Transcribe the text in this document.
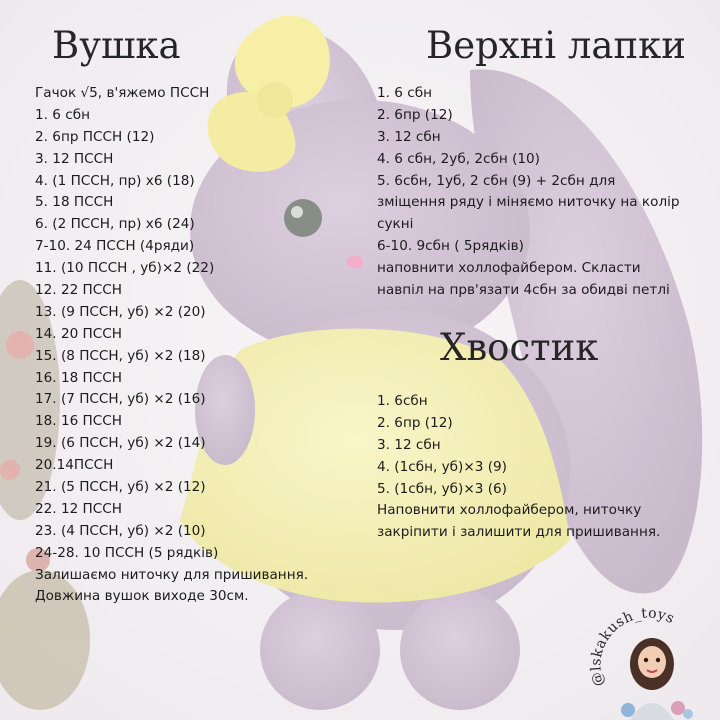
Вушка
Гачок √5, в'яжемо ПССН
1. 6 сбн
2. 6пр ПССН (12)
3. 12 ПССН
4. (1 ПССН, пр) х6 (18)
5. 18 ПССН
6. (2 ПССН, пр) х6 (24)
7-10. 24 ПССН (4ряди)
11. (10 ПССН , уб)×2 (22)
12. 22 ПССН
13. (9 ПССН, уб) ×2 (20)
14. 20 ПССН
15. (8 ПССН, уб) ×2 (18)
16. 18 ПССН
17. (7 ПССН, уб) ×2 (16)
18. 16 ПССН
19. (6 ПССН, уб) ×2 (14)
20.14ПССН
21. (5 ПССН, уб) ×2 (12)
22. 12 ПССН
23. (4 ПССН, уб) ×2 (10)
24-28. 10 ПССН (5 рядків)
Залишаємо ниточку для пришивання.
Довжина вушок виходе 30см.
Верхні лапки
1. 6 сбн
2. 6пр (12)
3. 12 сбн
4. 6 сбн, 2уб, 2сбн (10)
5. 6сбн, 1уб, 2 сбн (9) + 2сбн для
зміщення ряду і міняємо ниточку на колір
сукні
6-10. 9сбн ( 5рядків)
наповнити холлофайбером. Скласти
навпіл на прв'язати 4сбн за обидві петлі
Хвостик
1. 6сбн
2. 6пр (12)
3. 12 сбн
4. (1сбн, уб)×3 (9)
5. (1сбн, уб)×3 (6)
Наповнити холлофайбером, ниточку
закріпити і залишити для пришивання.
@lskakush_toys
